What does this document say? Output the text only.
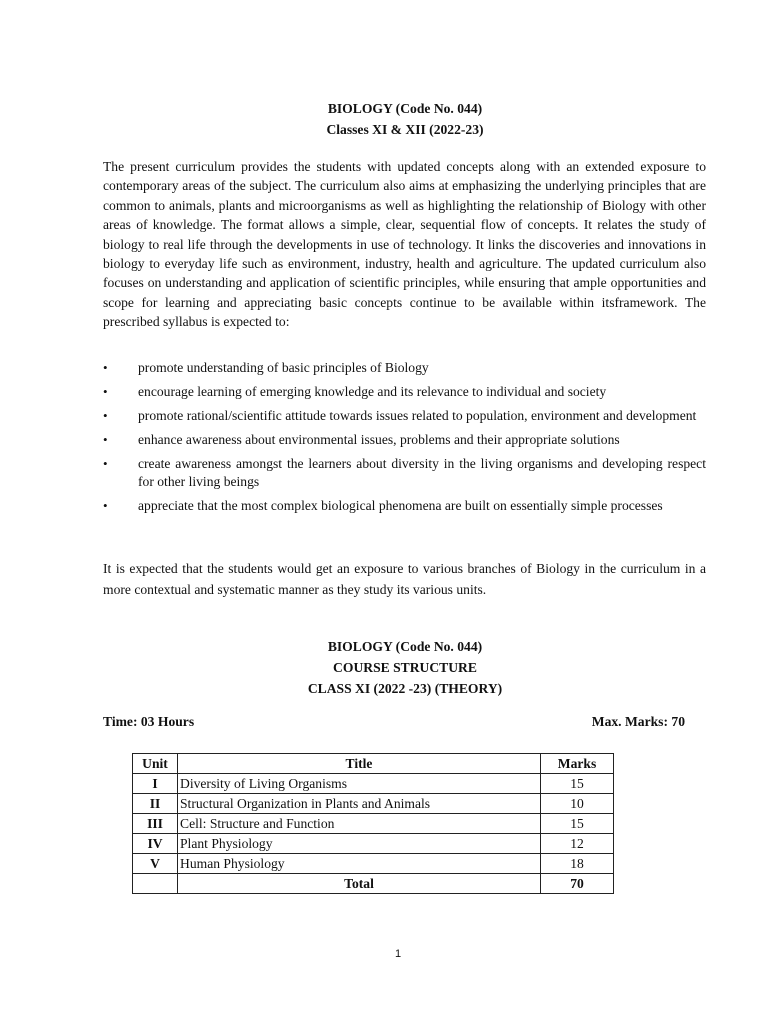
BIOLOGY (Code No. 044)
Classes XI & XII (2022-23)

The present curriculum provides the students with updated concepts along with an extended exposure to contemporary areas of the subject. The curriculum also aims at emphasizing the underlying principles that are common to animals, plants and microorganisms as well as highlighting the relationship of Biology with other areas of knowledge. The format allows a simple, clear, sequential flow of concepts. It relates the study of biology to real life through the developments in use of technology. It links the discoveries and innovations in biology to everyday life such as environment, industry, health and agriculture. The updated curriculum also focuses on understanding and application of scientific principles, while ensuring that ample opportunities and scope for learning and appreciating basic concepts continue to be available within itsframework. The prescribed syllabus is expected to:

• promote understanding of basic principles of Biology
• encourage learning of emerging knowledge and its relevance to individual and society
• promote rational/scientific attitude towards issues related to population, environment and development
• enhance awareness about environmental issues, problems and their appropriate solutions
• create awareness amongst the learners about diversity in the living organisms and developing respect for other living beings
• appreciate that the most complex biological phenomena are built on essentially simple processes

It is expected that the students would get an exposure to various branches of Biology in the curriculum in a more contextual and systematic manner as they study its various units.

BIOLOGY (Code No. 044)
COURSE STRUCTURE
CLASS XI (2022 -23) (THEORY)
Time: 03 Hours	Max. Marks: 70
Unit	Title	Marks
I	Diversity of Living Organisms	15
II	Structural Organization in Plants and Animals	10
III	Cell: Structure and Function	15
IV	Plant Physiology	12
V	Human Physiology	18
	Total	70
1
